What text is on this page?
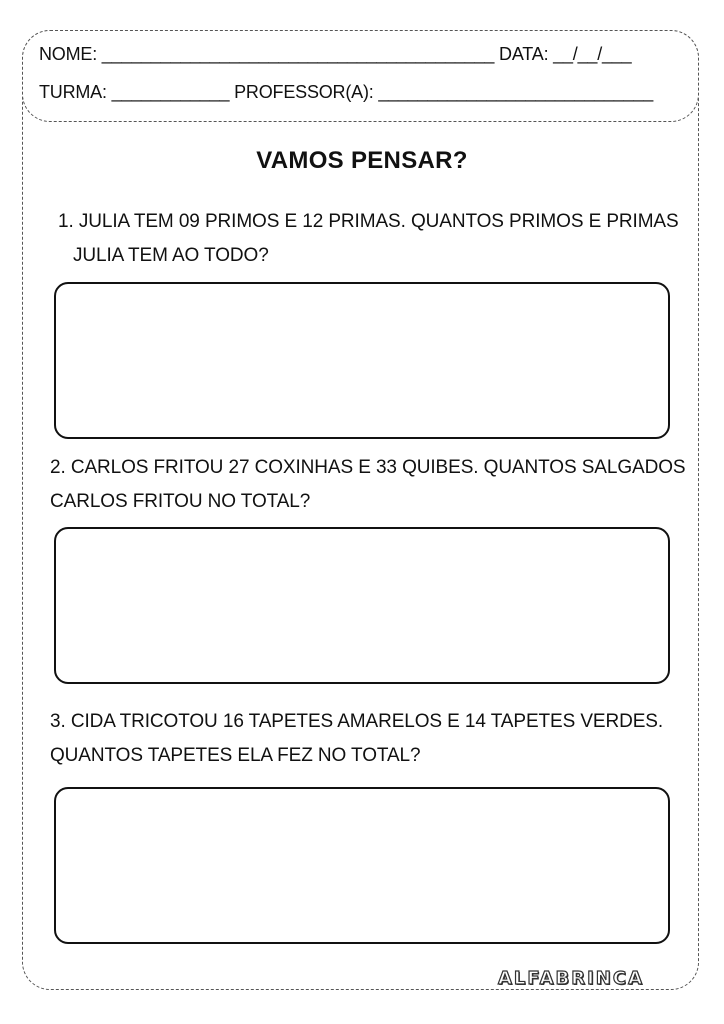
NOME: ________________________________________ DATA: __/__/___
TURMA: ____________ PROFESSOR(A): ____________________________
VAMOS PENSAR?
1. JULIA TEM 09 PRIMOS E 12 PRIMAS. QUANTOS PRIMOS E PRIMAS
JULIA TEM AO TODO?
2. CARLOS FRITOU 27 COXINHAS E 33 QUIBES. QUANTOS SALGADOS
CARLOS FRITOU NO TOTAL?
3. CIDA TRICOTOU 16 TAPETES AMARELOS E 14 TAPETES VERDES.
QUANTOS TAPETES ELA FEZ NO TOTAL?
ALFABRINCA
